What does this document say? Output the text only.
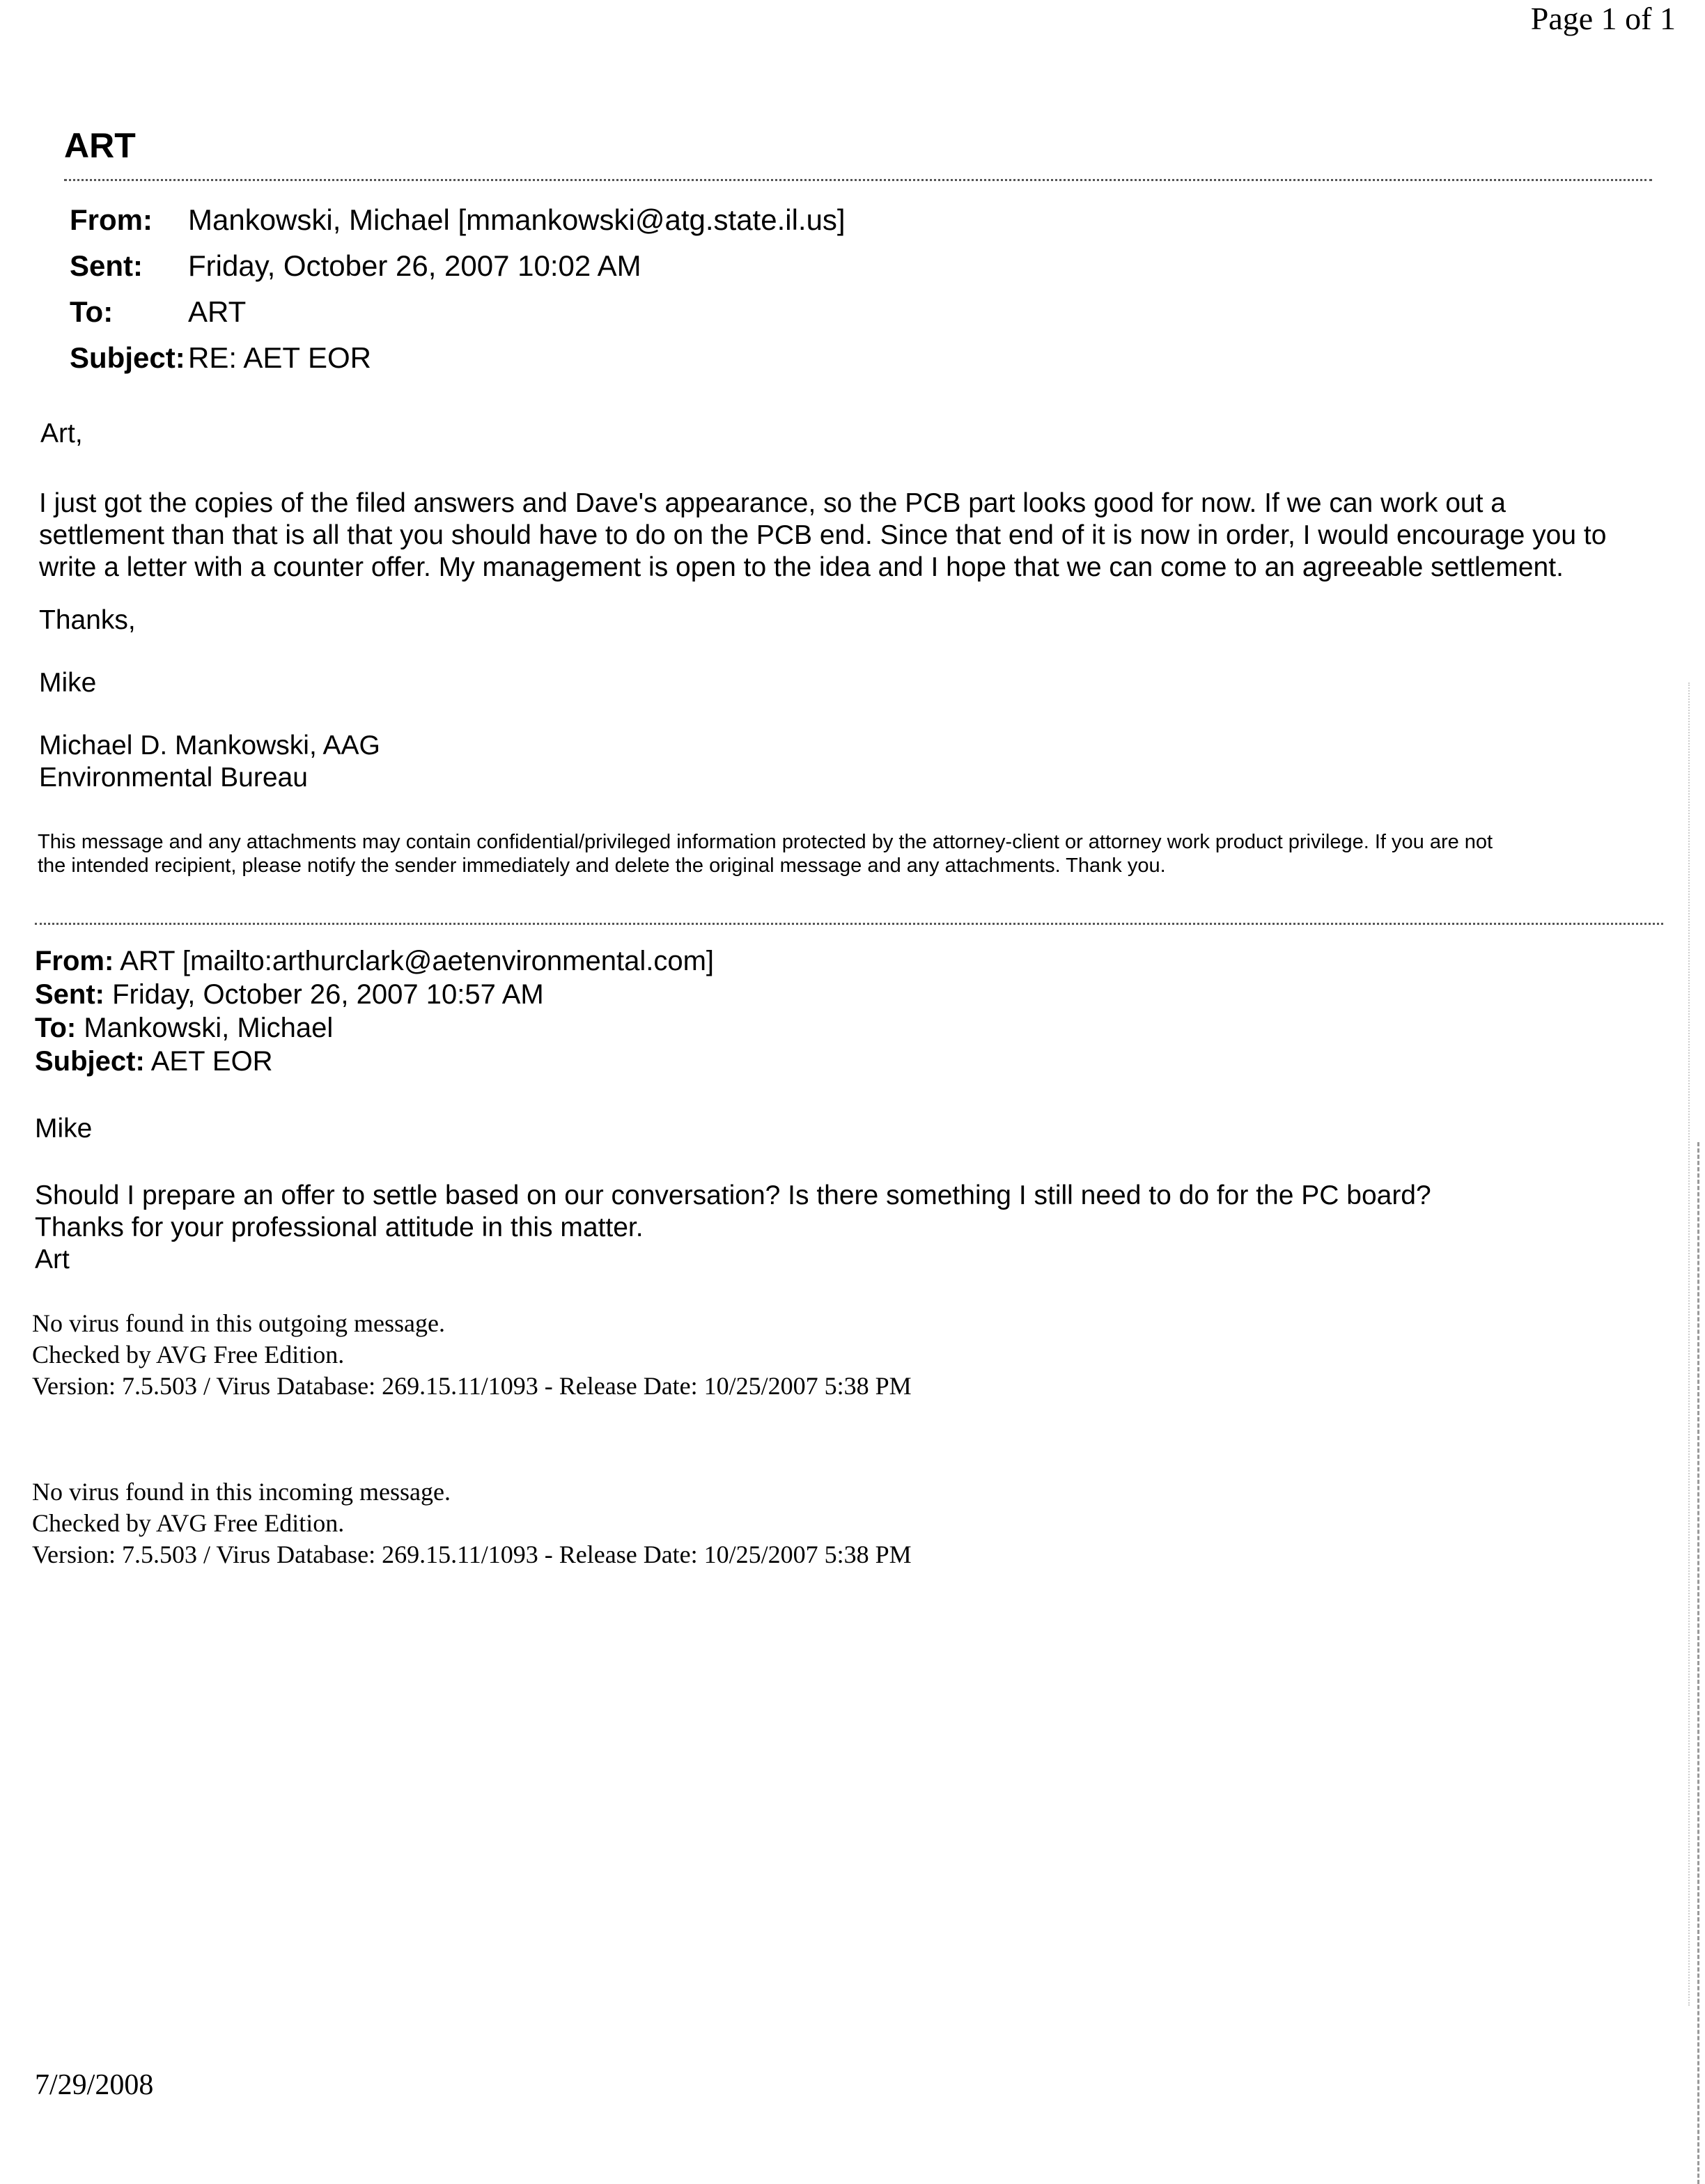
Page 1 of 1
ART
From:	Mankowski, Michael [mmankowski@atg.state.il.us]
Sent:	Friday, October 26, 2007 10:02 AM
To:	ART
Subject: RE: AET EOR
Art,
I just got the copies of the filed answers and Dave's appearance, so the PCB part looks good for now. If we can work out a
settlement than that is all that you should have to do on the PCB end. Since that end of it is now in order, I would encourage you to
write a letter with a counter offer. My management is open to the idea and I hope that we can come to an agreeable settlement.
Thanks,
Mike
Michael D. Mankowski, AAG
Environmental Bureau
This message and any attachments may contain confidential/privileged information protected by the attorney-client or attorney work product privilege. If you are not
the intended recipient, please notify the sender immediately and delete the original message and any attachments. Thank you.
From: ART [mailto:arthurclark@aetenvironmental.com]
Sent: Friday, October 26, 2007 10:57 AM
To: Mankowski, Michael
Subject: AET EOR
Mike
Should I prepare an offer to settle based on our conversation? Is there something I still need to do for the PC board?
Thanks for your professional attitude in this matter.
Art
No virus found in this outgoing message.
Checked by AVG Free Edition.
Version: 7.5.503 / Virus Database: 269.15.11/1093 - Release Date: 10/25/2007 5:38 PM
No virus found in this incoming message.
Checked by AVG Free Edition.
Version: 7.5.503 / Virus Database: 269.15.11/1093 - Release Date: 10/25/2007 5:38 PM
7/29/2008
